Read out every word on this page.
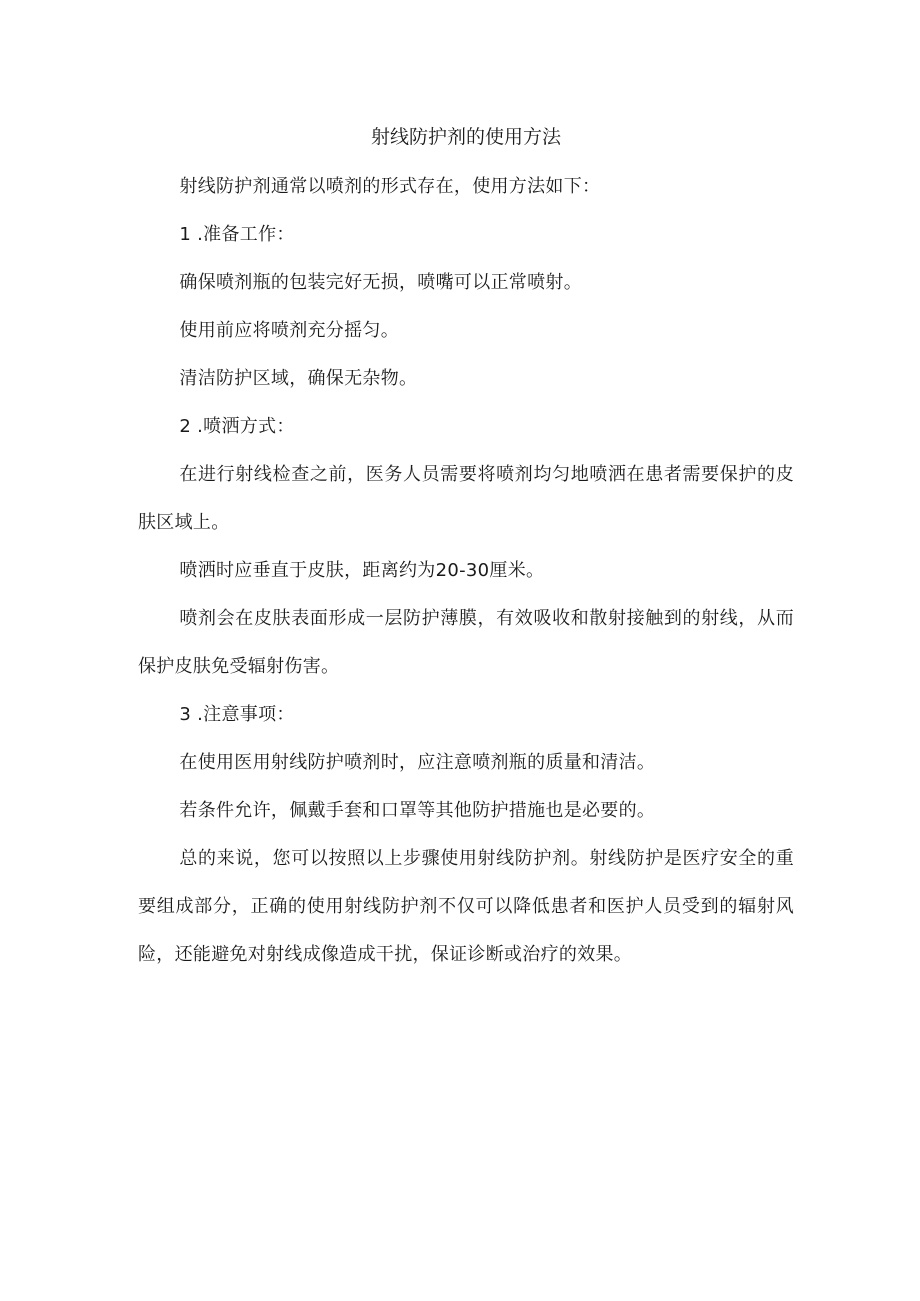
射线防护剂的使用方法

射线防护剂通常以喷剂的形式存在，使用方法如下：

1 .准备工作：

确保喷剂瓶的包装完好无损，喷嘴可以正常喷射。

使用前应将喷剂充分摇匀。

清洁防护区域，确保无杂物。

2 .喷洒方式：

在进行射线检查之前，医务人员需要将喷剂均匀地喷洒在患者需要保护的皮肤区域上。

喷洒时应垂直于皮肤，距离约为20-30厘米。

喷剂会在皮肤表面形成一层防护薄膜，有效吸收和散射接触到的射线，从而保护皮肤免受辐射伤害。

3 .注意事项：

在使用医用射线防护喷剂时，应注意喷剂瓶的质量和清洁。

若条件允许，佩戴手套和口罩等其他防护措施也是必要的。

总的来说，您可以按照以上步骤使用射线防护剂。射线防护是医疗安全的重要组成部分，正确的使用射线防护剂不仅可以降低患者和医护人员受到的辐射风险，还能避免对射线成像造成干扰，保证诊断或治疗的效果。
